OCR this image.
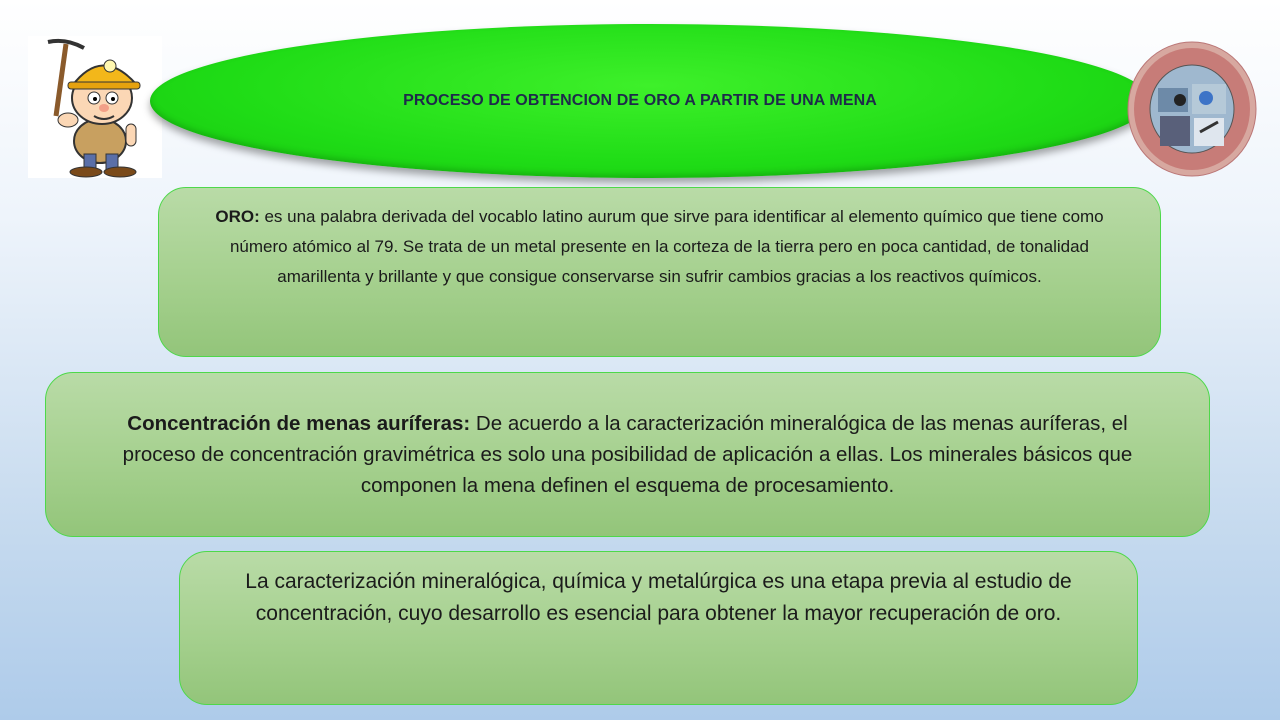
PROCESO DE OBTENCION DE ORO A PARTIR DE UNA MENA
ORO: es una palabra derivada del vocablo latino aurum que sirve para identificar al elemento químico que tiene como número atómico al 79. Se trata de un metal presente en la corteza de la tierra pero en poca cantidad, de tonalidad amarillenta y brillante y que consigue conservarse sin sufrir cambios gracias a los reactivos químicos.
Concentración de menas auríferas: De acuerdo a la caracterización mineralógica de las menas auríferas, el proceso de concentración gravimétrica es solo una posibilidad de aplicación a ellas. Los minerales básicos que componen la mena definen el esquema de procesamiento.
La caracterización mineralógica, química y metalúrgica es una etapa previa al estudio de concentración, cuyo desarrollo es esencial para obtener la mayor recuperación de oro.
